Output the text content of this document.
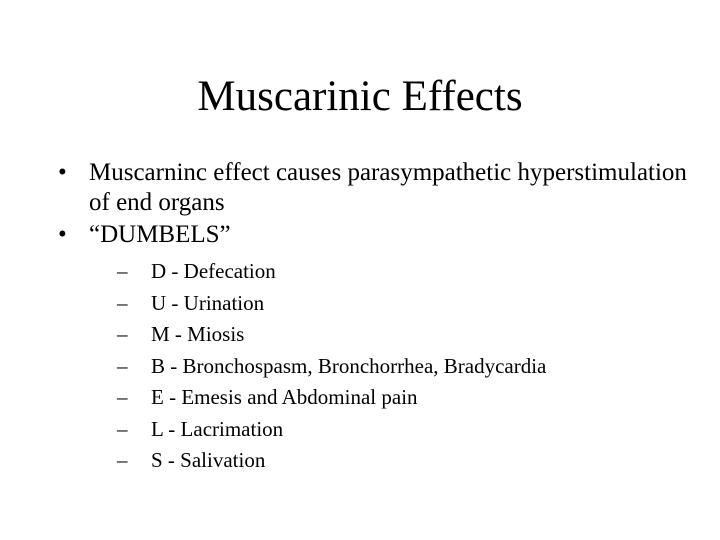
Muscarinic Effects
• Muscarninc effect causes parasympathetic hyperstimulation of end organs
• “DUMBELS”
–	D - Defecation
–	U - Urination
–	M - Miosis
–	B - Bronchospasm, Bronchorrhea, Bradycardia
–	E - Emesis and Abdominal pain
–	L - Lacrimation
–	S - Salivation
